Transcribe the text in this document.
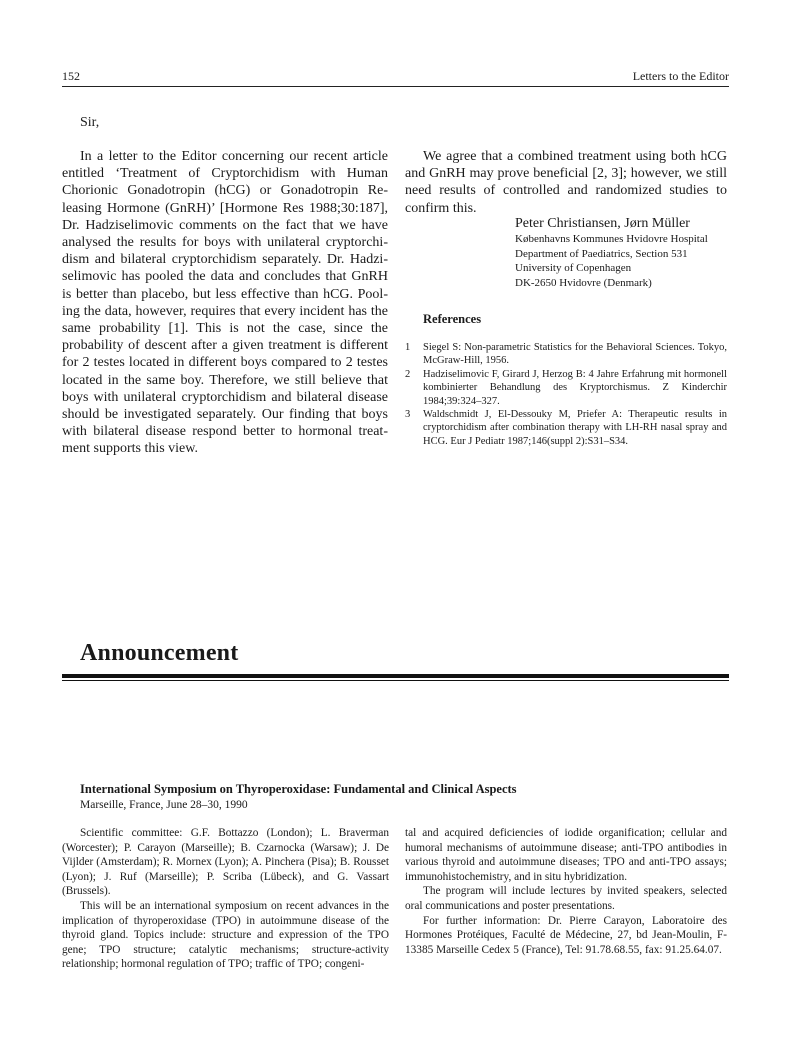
152	Letters to the Editor
Sir,

In a letter to the Editor concerning our recent article entitled ‘Treatment of Cryptorchidism with Human Chorionic Gonadotropin (hCG) or Gonadotropin Releasing Hormone (GnRH)’ [Hormone Res 1988;30:187], Dr. Hadziselimovic comments on the fact that we have analysed the results for boys with unilateral cryptorchidism and bilateral cryptorchidism separately. Dr. Hadziselimovic has pooled the data and concludes that GnRH is better than placebo, but less effective than hCG. Pooling the data, however, requires that every incident has the same probability [1]. This is not the case, since the probability of descent after a given treatment is different for 2 testes located in different boys compared to 2 testes located in the same boy. Therefore, we still believe that boys with unilateral cryptorchidism and bilateral disease should be investigated separately. Our finding that boys with bilateral disease respond better to hormonal treatment supports this view.

We agree that a combined treatment using both hCG and GnRH may prove beneficial [2, 3]; however, we still need results of controlled and randomized studies to confirm this.

Peter Christiansen, Jørn Müller
Københavns Kommunes Hvidovre Hospital
Department of Paediatrics, Section 531
University of Copenhagen
DK-2650 Hvidovre (Denmark)
References
1 Siegel S: Non-parametric Statistics for the Behavioral Sciences. Tokyo, McGraw-Hill, 1956.
2 Hadziselimovic F, Girard J, Herzog B: 4 Jahre Erfahrung mit hormonell kombinierter Behandlung des Kryptorchismus. Z Kinderchir 1984;39:324–327.
3 Waldschmidt J, El-Dessouky M, Priefer A: Therapeutic results in cryptorchidism after combination therapy with LH-RH nasal spray and HCG. Eur J Pediatr 1987;146(suppl 2):S31–S34.
Announcement
International Symposium on Thyroperoxidase: Fundamental and Clinical Aspects
Marseille, France, June 28–30, 1990

Scientific committee: G.F. Bottazzo (London); L. Braverman (Worcester); P. Carayon (Marseille); B. Czarnocka (Warsaw); J. De Vijlder (Amsterdam); R. Mornex (Lyon); A. Pinchera (Pisa); B. Rousset (Lyon); J. Ruf (Marseille); P. Scriba (Lübeck), and G. Vassart (Brussels).

This will be an international symposium on recent advances in the implication of thyroperoxidase (TPO) in autoimmune disease of the thyroid gland. Topics include: structure and expression of the TPO gene; TPO structure; catalytic mechanisms; structure-activity relationship; hormonal regulation of TPO; traffic of TPO; congeni-

tal and acquired deficiencies of iodide organification; cellular and humoral mechanisms of autoimmune disease; anti-TPO antibodies in various thyroid and autoimmune diseases; TPO and anti-TPO assays; immunohistochemistry, and in situ hybridization.

The program will include lectures by invited speakers, selected oral communications and poster presentations.

For further information: Dr. Pierre Carayon, Laboratoire des Hormones Protéiques, Faculté de Médecine, 27, bd Jean-Moulin, F-13385 Marseille Cedex 5 (France), Tel: 91.78.68.55, fax: 91.25.64.07.
